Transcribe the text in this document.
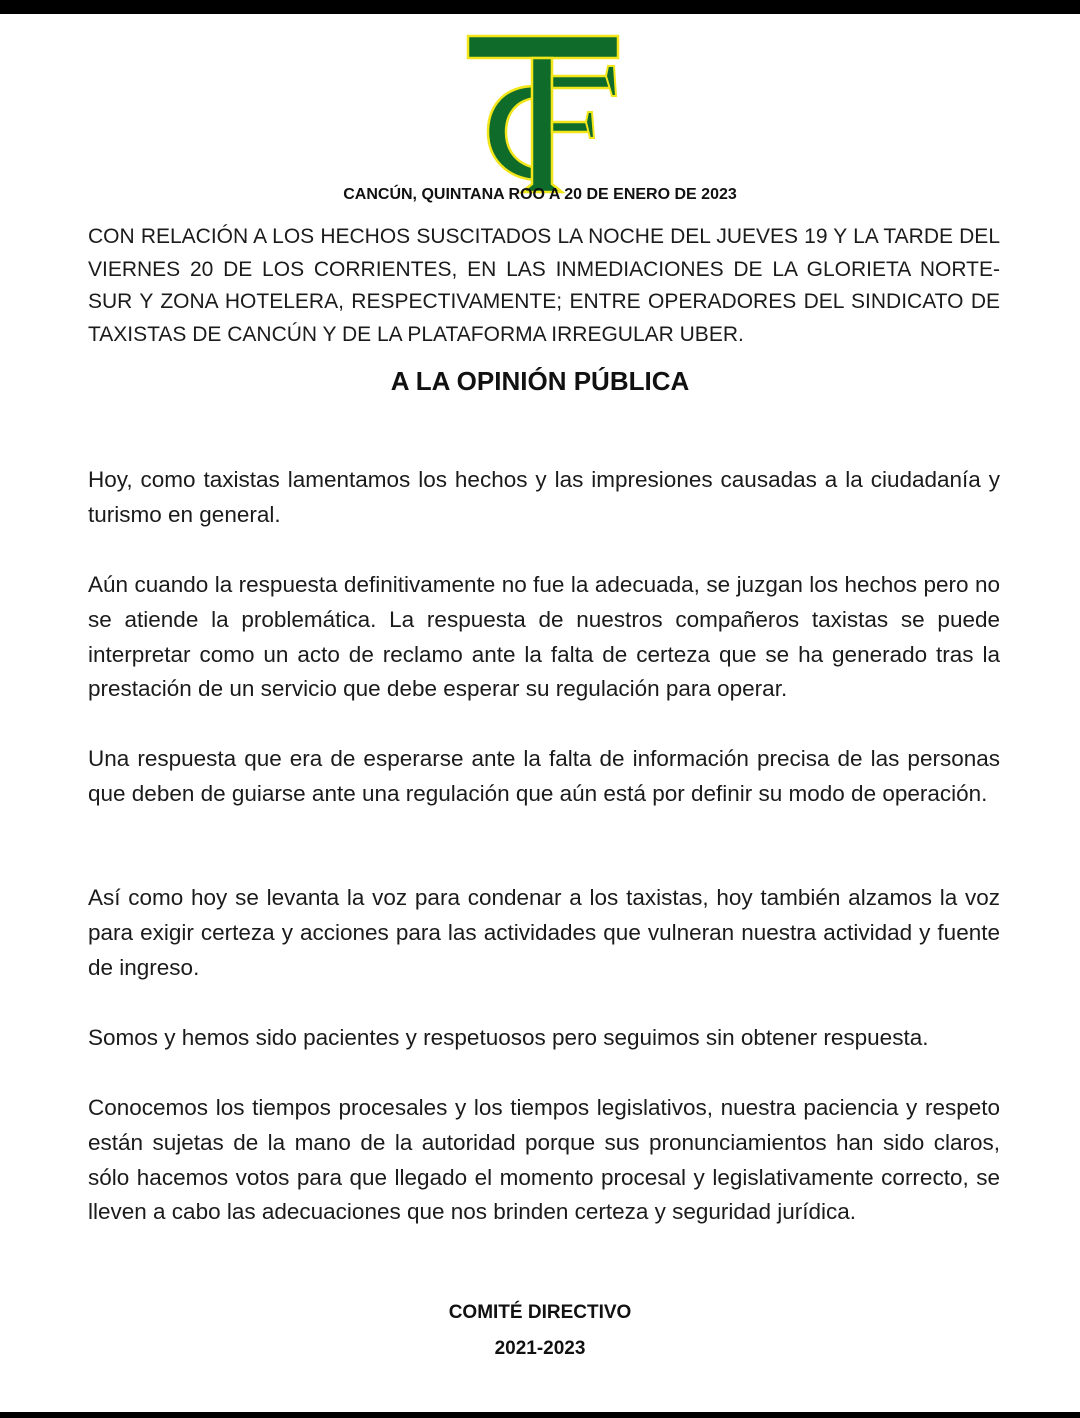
CANCÚN, QUINTANA ROO A 20 DE ENERO DE 2023
CON RELACIÓN A LOS HECHOS SUSCITADOS LA NOCHE DEL JUEVES 19 Y LA TARDE DEL VIERNES 20 DE LOS CORRIENTES, EN LAS INMEDIACIONES DE LA GLORIETA NORTE-SUR Y ZONA HOTELERA, RESPECTIVAMENTE; ENTRE OPERADORES DEL SINDICATO DE TAXISTAS DE CANCÚN Y DE LA PLATAFORMA IRREGULAR UBER.
A LA OPINIÓN PÚBLICA

Hoy, como taxistas lamentamos los hechos y las impresiones causadas a la ciudadanía y turismo en general.

Aún cuando la respuesta definitivamente no fue la adecuada, se juzgan los hechos pero no se atiende la problemática. La respuesta de nuestros compañeros taxistas se puede interpretar como un acto de reclamo ante la falta de certeza que se ha generado tras la prestación de un servicio que debe esperar su regulación para operar.

Una respuesta que era de esperarse ante la falta de información precisa de las personas que deben de guiarse ante una regulación que aún está por definir su modo de operación.

Así como hoy se levanta la voz para condenar a los taxistas, hoy también alzamos la voz para exigir certeza y acciones para las actividades que vulneran nuestra actividad y fuente de ingreso.

Somos y hemos sido pacientes y respetuosos pero seguimos sin obtener respuesta.

Conocemos los tiempos procesales y los tiempos legislativos, nuestra paciencia y respeto están sujetas de la mano de la autoridad porque sus pronunciamientos han sido claros, sólo hacemos votos para que llegado el momento procesal y legislativamente correcto, se lleven a cabo las adecuaciones que nos brinden certeza y seguridad jurídica.

COMITÉ DIRECTIVO
2021-2023
